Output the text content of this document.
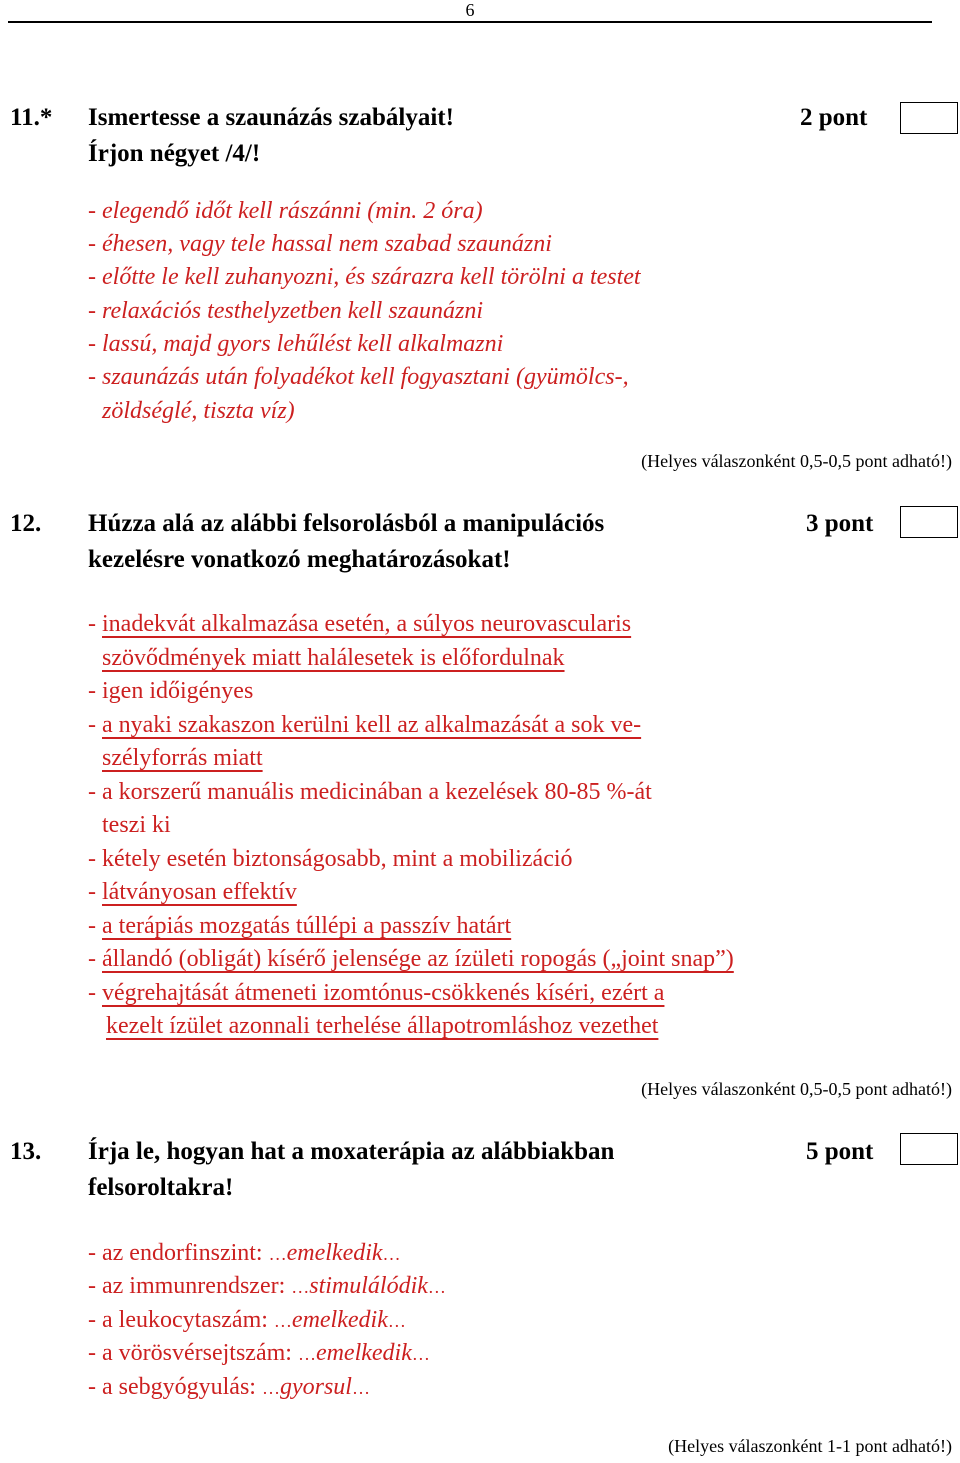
6
11.* Ismertesse a szaunázás szabályait!
Írjon négyet /4/!
2 pont
- elegendő időt kell rászánni (min. 2 óra)
- éhesen, vagy tele hassal nem szabad szaunázni
- előtte le kell zuhanyozni, és szárazra kell törölni a testet
- relaxációs testhelyzetben kell szaunázni
- lassú, majd gyors lehűlést kell alkalmazni
- szaunázás után folyadékot kell fogyasztani (gyümölcs-,
zöldséglé, tiszta víz)
(Helyes válaszonként 0,5-0,5 pont adható!)
12. Húzza alá az alábbi felsorolásból a manipulációs
kezelésre vonatkozó meghatározásokat!
3 pont
- inadekvát alkalmazása esetén, a súlyos neurovascularis
szövődmények miatt halálesetek is előfordulnak
- igen időigényes
- a nyaki szakaszon kerülni kell az alkalmazását a sok ve-
szélyforrás miatt
- a korszerű manuális medicinában a kezelések 80-85 %-át
teszi ki
- kétely esetén biztonságosabb, mint a mobilizáció
- látványosan effektív
- a terápiás mozgatás túllépi a passzív határt
- állandó (obligát) kísérő jelensége az ízületi ropogás („joint snap”)
- végrehajtását átmeneti izomtónus-csökkenés kíséri, ezért a
kezelt ízület azonnali terhelése állapotromláshoz vezethet
(Helyes válaszonként 0,5-0,5 pont adható!)
13. Írja le, hogyan hat a moxaterápia az alábbiakban
felsoroltakra!
5 pont
- az endorfinszint: …emelkedik…
- az immunrendszer: …stimulálódik…
- a leukocytaszám: …emelkedik…
- a vörösvérsejtszám: …emelkedik…
- a sebgyógyulás: …gyorsul…
(Helyes válaszonként 1-1 pont adható!)
